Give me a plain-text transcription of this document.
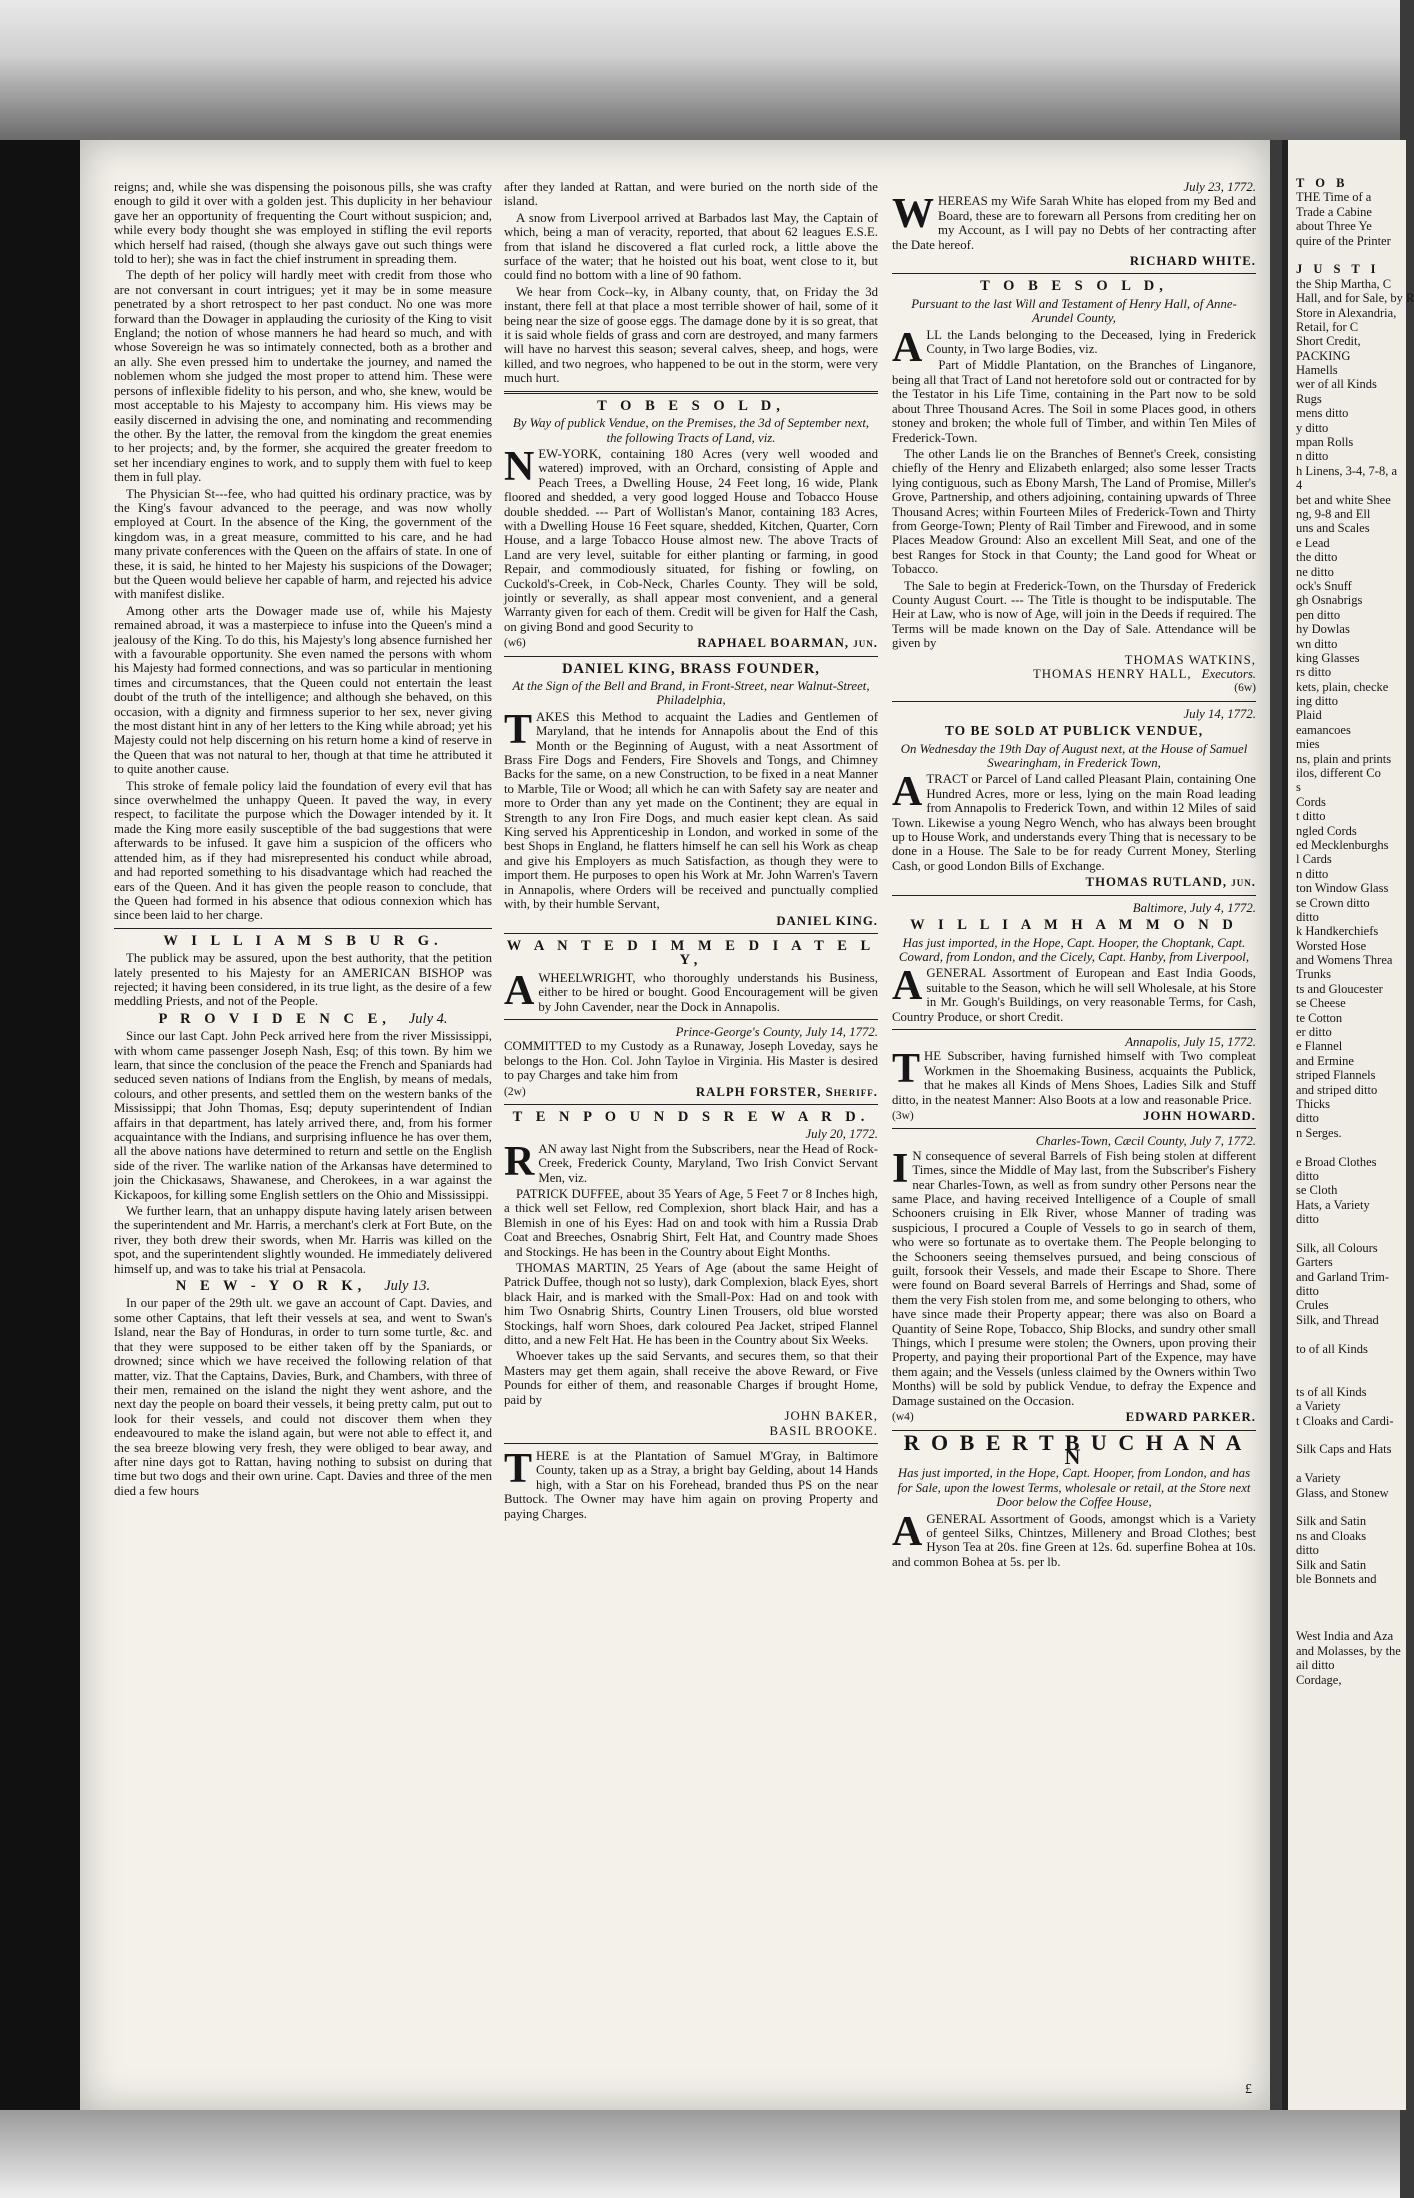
reigns; and, while she was dispensing the poisonous pills, she was crafty enough to gild it over with a golden jest. This duplicity in her behaviour gave her an opportunity of frequenting the Court without suspicion; and, while every body thought she was employed in stifling the evil reports which herself had raised, (though she always gave out such things were told to her); she was in fact the chief instrument in spreading them.

The depth of her policy will hardly meet with credit from those who are not conversant in court intrigues; yet it may be in some measure penetrated by a short retrospect to her past conduct. No one was more forward than the Dowager in applauding the curiosity of the King to visit England; the notion of whose manners he had heard so much, and with whose Sovereign he was so intimately connected, both as a brother and an ally. She even pressed him to undertake the journey, and named the noblemen whom she judged the most proper to attend him. These were persons of inflexible fidelity to his person, and who, she knew, would be most acceptable to his Majesty to accompany him. His views may be easily discerned in advising the one, and nominating and recommending the other. By the latter, the removal from the kingdom the great enemies to her projects; and, by the former, she acquired the greater freedom to set her incendiary engines to work, and to supply them with fuel to keep them in full play.

The Physician St---fee, who had quitted his ordinary practice, was by the King's favour advanced to the peerage, and was now wholly employed at Court. In the absence of the King, the government of the kingdom was, in a great measure, committed to his care, and he had many private conferences with the Queen on the affairs of state. In one of these, it is said, he hinted to her Majesty his suspicions of the Dowager; but the Queen would believe her capable of harm, and rejected his advice with manifest dislike.

Among other arts the Dowager made use of, while his Majesty remained abroad, it was a masterpiece to infuse into the Queen's mind a jealousy of the King. To do this, his Majesty's long absence furnished her with a favourable opportunity. She even named the persons with whom his Majesty had formed connections, and was so particular in mentioning times and circumstances, that the Queen could not entertain the least doubt of the truth of the intelligence; and although she behaved, on this occasion, with a dignity and firmness superior to her sex, never giving the most distant hint in any of her letters to the King while abroad; yet his Majesty could not help discerning on his return home a kind of reserve in the Queen that was not natural to her, though at that time he attributed it to quite another cause.

This stroke of female policy laid the foundation of every evil that has since overwhelmed the unhappy Queen. It paved the way, in every respect, to facilitate the purpose which the Dowager intended by it. It made the King more easily susceptible of the bad suggestions that were afterwards to be infused. It gave him a suspicion of the officers who attended him, as if they had misrepresented his conduct while abroad, and had reported something to his disadvantage which had reached the ears of the Queen. And it has given the people reason to conclude, that the Queen had formed in his absence that odious connexion which has since been laid to her charge.

W I L L I A M S B U R G.

The publick may be assured, upon the best authority, that the petition lately presented to his Majesty for an AMERICAN BISHOP was rejected; it having been considered, in its true light, as the desire of a few meddling Priests, and not of the People.

P R O V I D E N C E, July 4.

Since our last Capt. John Peck arrived here from the river Mississippi, with whom came passenger Joseph Nash, Esq; of this town. By him we learn, that since the conclusion of the peace the French and Spaniards had seduced seven nations of Indians from the English, by means of medals, colours, and other presents, and settled them on the western banks of the Mississippi; that John Thomas, Esq; deputy superintendent of Indian affairs in that department, has lately arrived there, and, from his former acquaintance with the Indians, and surprising influence he has over them, all the above nations have determined to return and settle on the English side of the river. The warlike nation of the Arkansas have determined to join the Chickasaws, Shawanese, and Cherokees, in a war against the Kickapoos, for killing some English settlers on the Ohio and Mississippi.

We further learn, that an unhappy dispute having lately arisen between the superintendent and Mr. Harris, a merchant's clerk at Fort Bute, on the river, they both drew their swords, when Mr. Harris was killed on the spot, and the superintendent slightly wounded. He immediately delivered himself up, and was to take his trial at Pensacola.

N E W - Y O R K, July 13.

In our paper of the 29th ult. we gave an account of Capt. Davies, and some other Captains, that left their vessels at sea, and went to Swan's Island, near the Bay of Honduras, in order to turn some turtle, &c. and that they were supposed to be either taken off by the Spaniards, or drowned; since which we have received the following relation of that matter, viz. That the Captains, Davies, Burk, and Chambers, with three of their men, remained on the island the night they went ashore, and the next day the people on board their vessels, it being pretty calm, put out to look for their vessels, and could not discover them when they endeavoured to make the island again, but were not able to effect it, and the sea breeze blowing very fresh, they were obliged to bear away, and after nine days got to Rattan, having nothing to subsist on during that time but two dogs and their own urine. Capt. Davies and three of the men died a few hours

after they landed at Rattan, and were buried on the north side of the island.

A snow from Liverpool arrived at Barbados last May, the Captain of which, being a man of veracity, reported, that about 62 leagues E.S.E. from that island he discovered a flat curled rock, a little above the surface of the water; that he hoisted out his boat, went close to it, but could find no bottom with a line of 90 fathom.

We hear from Cock--ky, in Albany county, that, on Friday the 3d instant, there fell at that place a most terrible shower of hail, some of it being near the size of goose eggs. The damage done by it is so great, that it is said whole fields of grass and corn are destroyed, and many farmers will have no harvest this season; several calves, sheep, and hogs, were killed, and two negroes, who happened to be out in the storm, were very much hurt.

T O B E S O L D,

By Way of publick Vendue, on the Premises, the 3d of September next, the following Tracts of Land, viz.

NEW-YORK, containing 180 Acres (very well wooded and watered) improved, with an Orchard, consisting of Apple and Peach Trees, a Dwelling House, 24 Feet long, 16 wide, Plank floored and shedded, a very good logged House and Tobacco House double shedded. --- Part of Wollistan's Manor, containing 183 Acres, with a Dwelling House 16 Feet square, shedded, Kitchen, Quarter, Corn House, and a large Tobacco House almost new. The above Tracts of Land are very level, suitable for either planting or farming, in good Repair, and commodiously situated, for fishing or fowling, on Cuckold's-Creek, in Cob-Neck, Charles County. They will be sold, jointly or severally, as shall appear most convenient, and a general Warranty given for each of them. Credit will be given for Half the Cash, on giving Bond and good Security to

(w6)	RAPHAEL BOARMAN, jun.
DANIEL KING, BRASS FOUNDER,

At the Sign of the Bell and Brand, in Front-Street, near Walnut-Street, Philadelphia,

TAKES this Method to acquaint the Ladies and Gentlemen of Maryland, that he intends for Annapolis about the End of this Month or the Beginning of August, with a neat Assortment of Brass Fire Dogs and Fenders, Fire Shovels and Tongs, and Chimney Backs for the same, on a new Construction, to be fixed in a neat Manner to Marble, Tile or Wood; all which he can with Safety say are neater and more to Order than any yet made on the Continent; they are equal in Strength to any Iron Fire Dogs, and much easier kept clean. As said King served his Apprenticeship in London, and worked in some of the best Shops in England, he flatters himself he can sell his Work as cheap and give his Employers as much Satisfaction, as though they were to import them. He purposes to open his Work at Mr. John Warren's Tavern in Annapolis, where Orders will be received and punctually complied with, by their humble Servant,

DANIEL KING.
W A N T E D I M M E D I A T E L Y,

A WHEELWRIGHT, who thoroughly understands his Business, either to be hired or bought. Good Encouragement will be given by John Cavender, near the Dock in Annapolis.

Prince-George's County, July 14, 1772.

COMMITTED to my Custody as a Runaway, Joseph Loveday, says he belongs to the Hon. Col. John Tayloe in Virginia. His Master is desired to pay Charges and take him from

(2w)	RALPH FORSTER, Sheriff.
T E N P O U N D S R E W A R D.
July 20, 1772.

RAN away last Night from the Subscribers, near the Head of Rock-Creek, Frederick County, Maryland, Two Irish Convict Servant Men, viz.

PATRICK DUFFEE, about 35 Years of Age, 5 Feet 7 or 8 Inches high, a thick well set Fellow, red Complexion, short black Hair, and has a Blemish in one of his Eyes: Had on and took with him a Russia Drab Coat and Breeches, Osnabrig Shirt, Felt Hat, and Country made Shoes and Stockings. He has been in the Country about Eight Months.

THOMAS MARTIN, 25 Years of Age (about the same Height of Patrick Duffee, though not so lusty), dark Complexion, black Eyes, short black Hair, and is marked with the Small-Pox: Had on and took with him Two Osnabrig Shirts, Country Linen Trousers, old blue worsted Stockings, half worn Shoes, dark coloured Pea Jacket, striped Flannel ditto, and a new Felt Hat. He has been in the Country about Six Weeks.

Whoever takes up the said Servants, and secures them, so that their Masters may get them again, shall receive the above Reward, or Five Pounds for either of them, and reasonable Charges if brought Home, paid by

JOHN BAKER,
BASIL BROOKE.

THERE is at the Plantation of Samuel M'Gray, in Baltimore County, taken up as a Stray, a bright bay Gelding, about 14 Hands high, with a Star on his Forehead, branded thus PS on the near Buttock. The Owner may have him again on proving Property and paying Charges.

July 23, 1772.

WHEREAS my Wife Sarah White has eloped from my Bed and Board, these are to forewarn all Persons from crediting her on my Account, as I will pay no Debts of her contracting after the Date hereof.

RICHARD WHITE.
T O B E S O L D,

Pursuant to the last Will and Testament of Henry Hall, of Anne-Arundel County,

ALL the Lands belonging to the Deceased, lying in Frederick County, in Two large Bodies, viz.

Part of Middle Plantation, on the Branches of Linganore, being all that Tract of Land not heretofore sold out or contracted for by the Testator in his Life Time, containing in the Part now to be sold about Three Thousand Acres. The Soil in some Places good, in others stoney and broken; the whole full of Timber, and within Ten Miles of Frederick-Town.

The other Lands lie on the Branches of Bennet's Creek, consisting chiefly of the Henry and Elizabeth enlarged; also some lesser Tracts lying contiguous, such as Ebony Marsh, The Land of Promise, Miller's Grove, Partnership, and others adjoining, containing upwards of Three Thousand Acres; within Fourteen Miles of Frederick-Town and Thirty from George-Town; Plenty of Rail Timber and Firewood, and in some Places Meadow Ground: Also an excellent Mill Seat, and one of the best Ranges for Stock in that County; the Land good for Wheat or Tobacco.

The Sale to begin at Frederick-Town, on the Thursday of Frederick County August Court. --- The Title is thought to be indisputable. The Heir at Law, who is now of Age, will join in the Deeds if required. The Terms will be made known on the Day of Sale. Attendance will be given by

THOMAS WATKINS,
THOMAS HENRY HALL, Executors.
(6w)
July 14, 1772.
TO BE SOLD AT PUBLICK VENDUE,

On Wednesday the 19th Day of August next, at the House of Samuel Swearingham, in Frederick Town,

A TRACT or Parcel of Land called Pleasant Plain, containing One Hundred Acres, more or less, lying on the main Road leading from Annapolis to Frederick Town, and within 12 Miles of said Town. Likewise a young Negro Wench, who has always been brought up to House Work, and understands every Thing that is necessary to be done in a House. The Sale to be for ready Current Money, Sterling Cash, or good London Bills of Exchange.

THOMAS RUTLAND, jun.
Baltimore, July 4, 1772.
W I L L I A M H A M M O N D

Has just imported, in the Hope, Capt. Hooper, the Choptank, Capt. Coward, from London, and the Cicely, Capt. Hanby, from Liverpool,

A GENERAL Assortment of European and East India Goods, suitable to the Season, which he will sell Wholesale, at his Store in Mr. Gough's Buildings, on very reasonable Terms, for Cash, Country Produce, or short Credit.

Annapolis, July 15, 1772.

THE Subscriber, having furnished himself with Two compleat Workmen in the Shoemaking Business, acquaints the Publick, that he makes all Kinds of Mens Shoes, Ladies Silk and Stuff ditto, in the neatest Manner: Also Boots at a low and reasonable Price.

(3w)	JOHN HOWARD.
Charles-Town, Cæcil County, July 7, 1772.

I N consequence of several Barrels of Fish being stolen at different Times, since the Middle of May last, from the Subscriber's Fishery near Charles-Town, as well as from sundry other Persons near the same Place, and having received Intelligence of a Couple of small Schooners cruising in Elk River, whose Manner of trading was suspicious, I procured a Couple of Vessels to go in search of them, who were so fortunate as to overtake them. The People belonging to the Schooners seeing themselves pursued, and being conscious of guilt, forsook their Vessels, and made their Escape to Shore. There were found on Board several Barrels of Herrings and Shad, some of them the very Fish stolen from me, and some belonging to others, who have since made their Property appear; there was also on Board a Quantity of Seine Rope, Tobacco, Ship Blocks, and sundry other small Things, which I presume were stolen; the Owners, upon proving their Property, and paying their proportional Part of the Expence, may have them again; and the Vessels (unless claimed by the Owners within Two Months) will be sold by publick Vendue, to defray the Expence and Damage sustained on the Occasion.

(w4)	EDWARD PARKER.
R O B E R T B U C H A N A N

Has just imported, in the Hope, Capt. Hooper, from London, and has for Sale, upon the lowest Terms, wholesale or retail, at the Store next Door below the Coffee House,

A GENERAL Assortment of Goods, amongst which is a Variety of genteel Silks, Chintzes, Millenery and Broad Clothes; best Hyson Tea at 20s. fine Green at 12s. 6d. superfine Bohea at 10s. and common Bohea at 5s. per lb.

£
T O B
THE Time of a
Trade a Cabine
about Three Ye
quire of the Printer
J U S T I
the Ship Martha, C
Hall, and for Sale, by R
Store in Alexandria,
Retail, for C
Short Credit,
PACKING
Hamells
wer of all Kinds
Rugs
mens ditto
y ditto
mpan Rolls
n ditto
h Linens, 3-4, 7-8, a
4
bet and white Shee
ng, 9-8 and Ell
uns and Scales
e Lead
the ditto
ne ditto
ock's Snuff
gh Osnabrigs
pen ditto
hy Dowlas
wn ditto
king Glasses
rs ditto
kets, plain, checke
ing ditto
Plaid
eamancoes
mies
ns, plain and prints
ilos, different Co
s
Cords
t ditto
ngled Cords
ed Mecklenburghs
l Cards
n ditto
ton Window Glass
se Crown ditto
ditto
k Handkerchiefs
Worsted Hose
and Womens Threa
Trunks
ts and Gloucester
se Cheese
te Cotton
er ditto
e Flannel
and Ermine
striped Flannels
and striped ditto
Thicks
ditto
n Serges.
e Broad Clothes
ditto
se Cloth
Hats, a Variety
ditto
Silk, all Colours
Garters
and Garland Trim-
ditto
Crules
Silk, and Thread
to of all Kinds
ts of all Kinds
a Variety
t Cloaks and Cardi-
Silk Caps and Hats
a Variety
Glass, and Stonew
Silk and Satin
ns and Cloaks
ditto
Silk and Satin
ble Bonnets and
West India and Aza
and Molasses, by the
ail ditto
Cordage,
